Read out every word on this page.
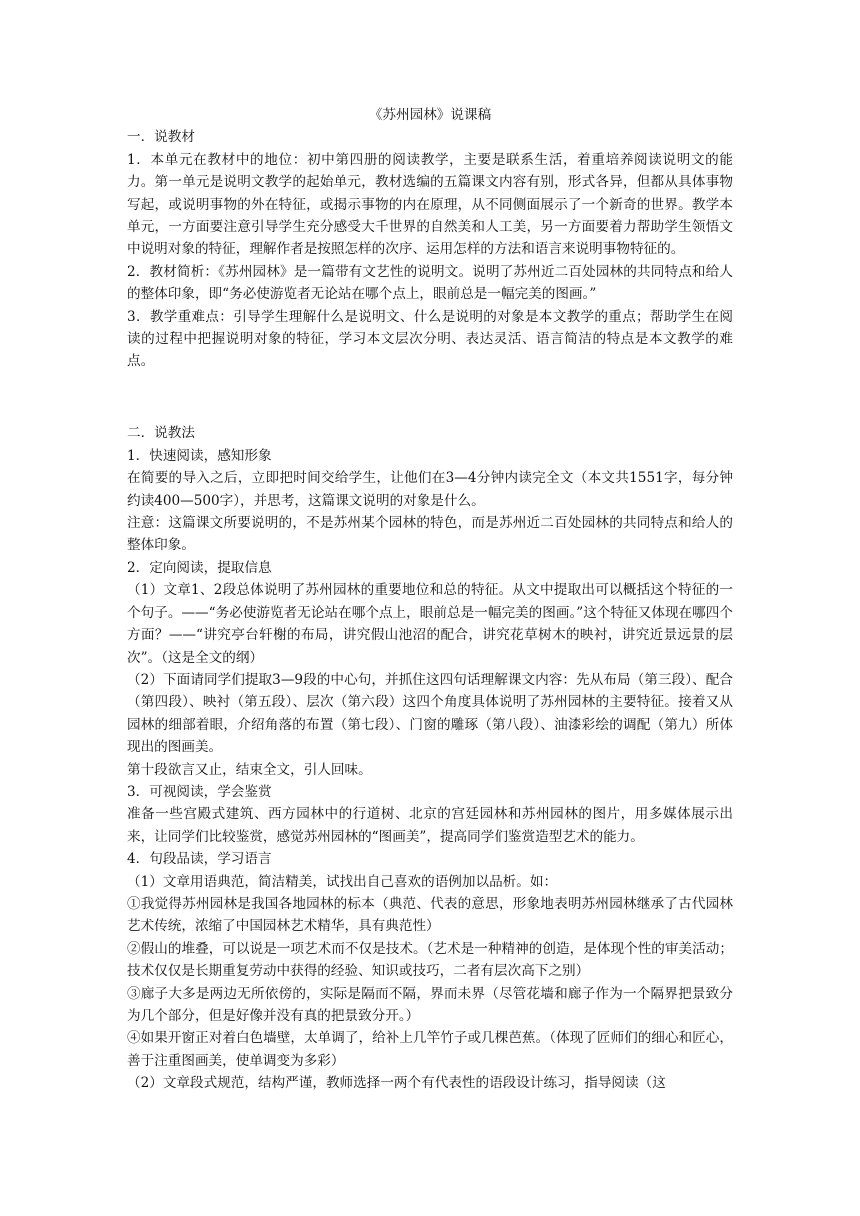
《苏州园林》说课稿

一．说教材

1．本单元在教材中的地位：初中第四册的阅读教学，主要是联系生活，着重培养阅读说明文的能力。第一单元是说明文教学的起始单元，教材选编的五篇课文内容有别，形式各异，但都从具体事物写起，或说明事物的外在特征，或揭示事物的内在原理，从不同侧面展示了一个新奇的世界。教学本单元，一方面要注意引导学生充分感受大千世界的自然美和人工美，另一方面要着力帮助学生领悟文中说明对象的特征，理解作者是按照怎样的次序、运用怎样的方法和语言来说明事物特征的。

2．教材简析：《苏州园林》是一篇带有文艺性的说明文。说明了苏州近二百处园林的共同特点和给人的整体印象，即“务必使游览者无论站在哪个点上，眼前总是一幅完美的图画。”

3．教学重难点：引导学生理解什么是说明文、什么是说明的对象是本文教学的重点；帮助学生在阅读的过程中把握说明对象的特征，学习本文层次分明、表达灵活、语言简洁的特点是本文教学的难点。

二．说教法

1．快速阅读，感知形象

在简要的导入之后，立即把时间交给学生，让他们在3—4分钟内读完全文（本文共1551字，每分钟约读400—500字），并思考，这篇课文说明的对象是什么。

注意：这篇课文所要说明的，不是苏州某个园林的特色，而是苏州近二百处园林的共同特点和给人的整体印象。

2．定向阅读，提取信息

（1）文章1、2段总体说明了苏州园林的重要地位和总的特征。从文中提取出可以概括这个特征的一个句子。——“务必使游览者无论站在哪个点上，眼前总是一幅完美的图画。”这个特征又体现在哪四个方面？——“讲究亭台轩榭的布局，讲究假山池沼的配合，讲究花草树木的映衬，讲究近景远景的层次”。（这是全文的纲）

（2）下面请同学们提取3—9段的中心句，并抓住这四句话理解课文内容：先从布局（第三段）、配合（第四段）、映衬（第五段）、层次（第六段）这四个角度具体说明了苏州园林的主要特征。接着又从园林的细部着眼，介绍角落的布置（第七段）、门窗的雕琢（第八段）、油漆彩绘的调配（第九）所体现出的图画美。

第十段欲言又止，结束全文，引人回味。

3．可视阅读，学会鉴赏

准备一些宫殿式建筑、西方园林中的行道树、北京的宫廷园林和苏州园林的图片，用多媒体展示出来，让同学们比较鉴赏，感觉苏州园林的“图画美”，提高同学们鉴赏造型艺术的能力。

4．句段品读，学习语言

（1）文章用语典范，简洁精美，试找出自己喜欢的语例加以品析。如：

①我觉得苏州园林是我国各地园林的标本（典范、代表的意思，形象地表明苏州园林继承了古代园林艺术传统，浓缩了中国园林艺术精华，具有典范性）

②假山的堆叠，可以说是一项艺术而不仅是技术。（艺术是一种精神的创造，是体现个性的审美活动；技术仅仅是长期重复劳动中获得的经验、知识或技巧，二者有层次高下之别）

③廊子大多是两边无所依傍的，实际是隔而不隔，界而未界（尽管花墙和廊子作为一个隔界把景致分为几个部分，但是好像并没有真的把景致分开。）

④如果开窗正对着白色墙壁，太单调了，给补上几竿竹子或几棵芭蕉。（体现了匠师们的细心和匠心，善于注重图画美，使单调变为多彩）

（2）文章段式规范，结构严谨，教师选择一两个有代表性的语段设计练习，指导阅读（这
